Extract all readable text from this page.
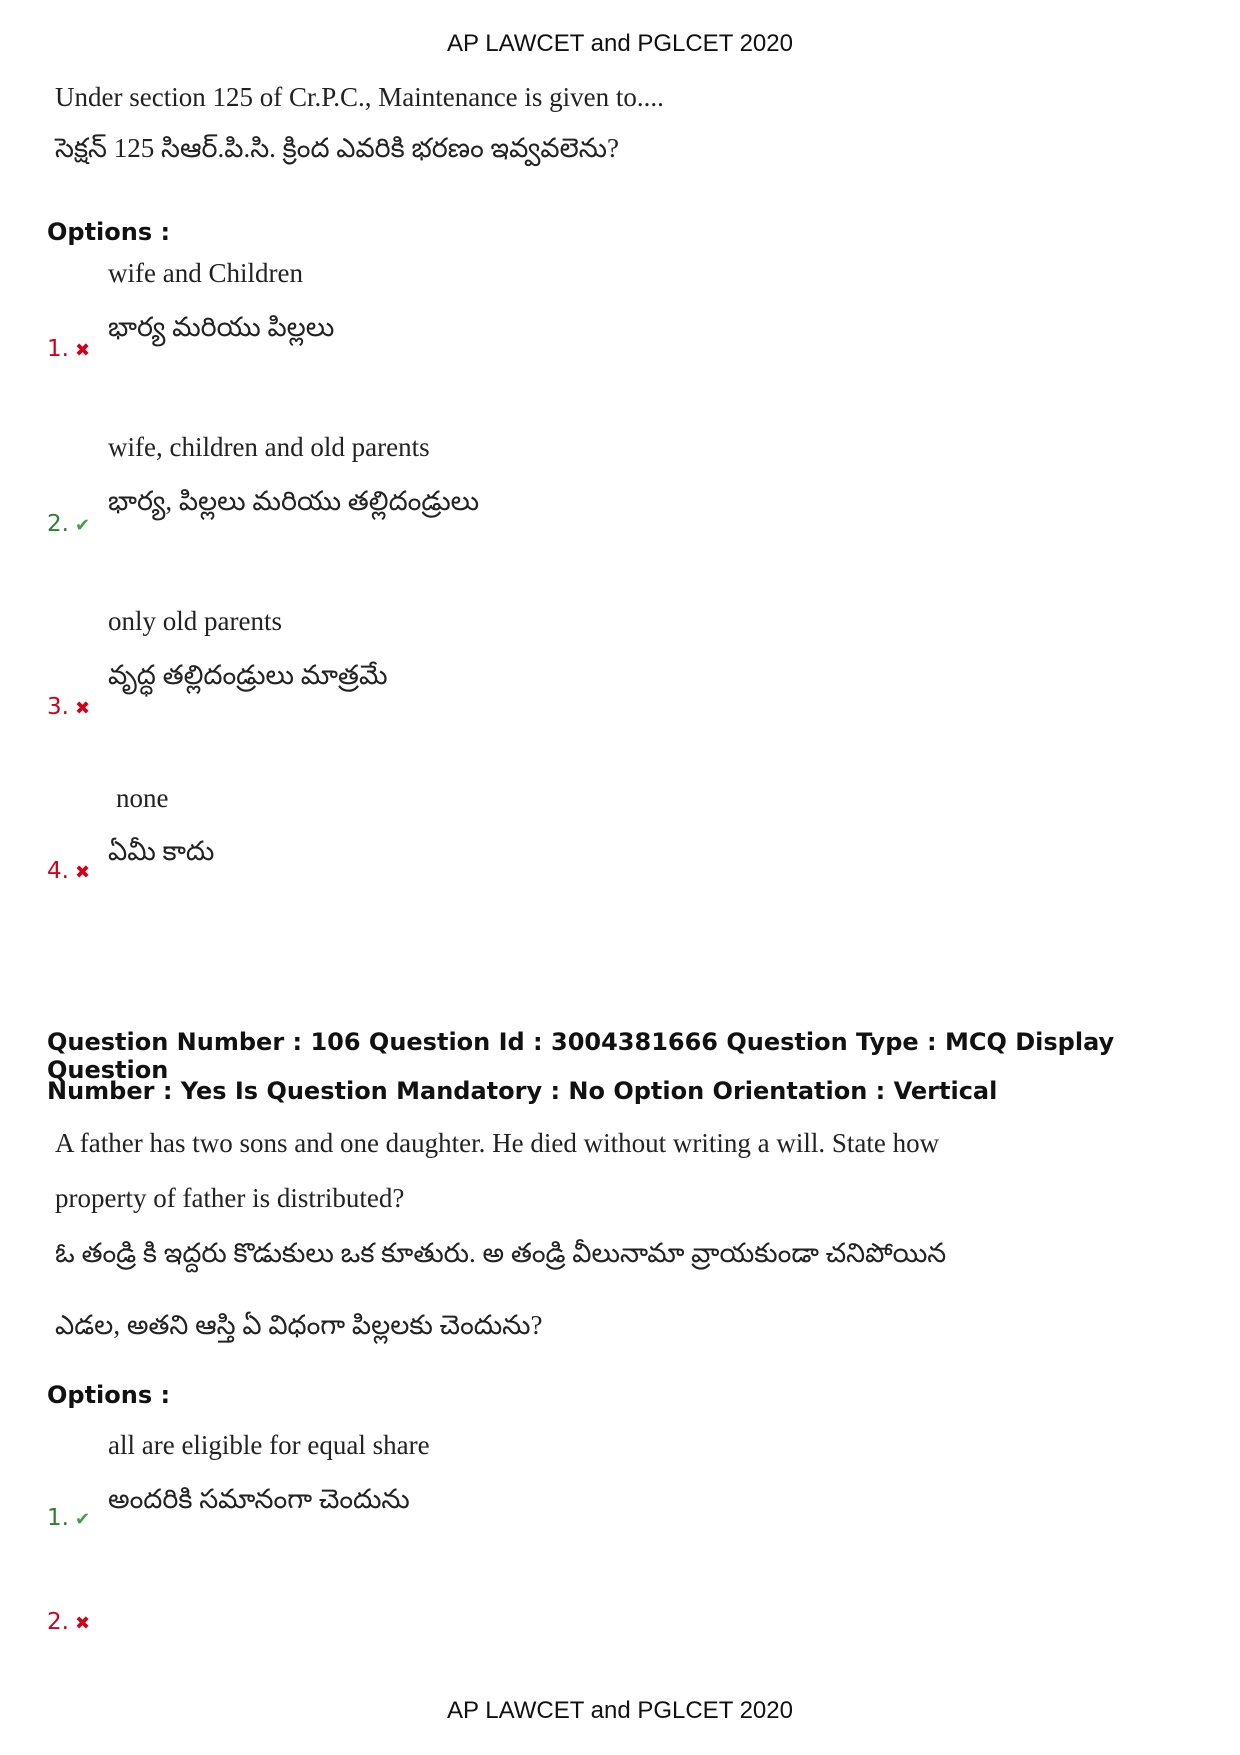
AP LAWCET and PGLCET 2020
Under section 125 of Cr.P.C., Maintenance is given to....
సెక్షన్ 125 సిఆర్.పి.సి. క్రింద ఎవరికి భరణం ఇవ్వవలెను?
Options :
wife and Children
భార్య మరియు పిల్లలు
1. ✖
wife, children and old parents
భార్య, పిల్లలు మరియు తల్లిదండ్రులు
2. ✔
only old parents
వృద్ధ తల్లిదండ్రులు మాత్రమే
3. ✖
none
ఏమీ కాదు
4. ✖
Question Number : 106 Question Id : 3004381666 Question Type : MCQ Display Question
Number : Yes Is Question Mandatory : No Option Orientation : Vertical
A father has two sons and one daughter. He died without writing a will. State how
property of father is distributed?
ఓ తండ్రి కి ఇద్దరు కొడుకులు ఒక కూతురు. అ తండ్రి వీలునామా వ్రాయకుండా చనిపోయిన
ఎడల, అతని ఆస్తి ఏ విధంగా పిల్లలకు చెందును?
Options :
all are eligible for equal share
అందరికి సమానంగా చెందును
1. ✔
2. ✖
AP LAWCET and PGLCET 2020
